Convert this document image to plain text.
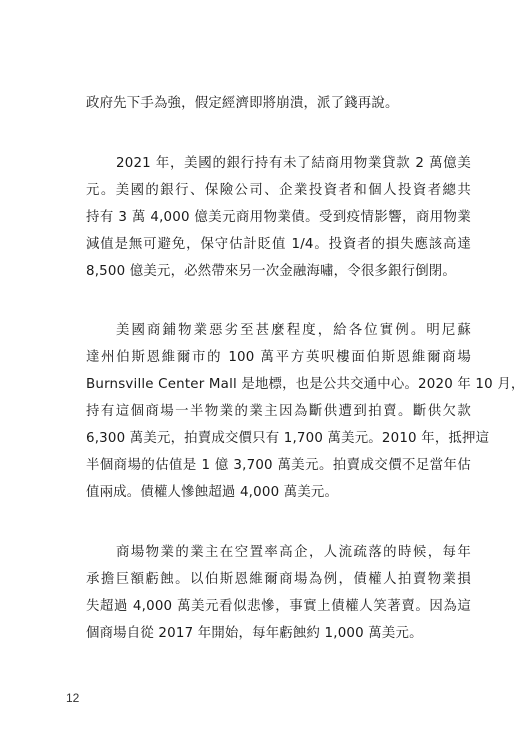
政府先下手為強，假定經濟即將崩潰，派了錢再說。
2021 年，美國的銀行持有未了結商用物業貸款 2 萬億美
元。美國的銀行、保險公司、企業投資者和個人投資者總共
持有 3 萬 4,000 億美元商用物業債。受到疫情影響，商用物業
減值是無可避免，保守估計貶值 1/4。投資者的損失應該高達
8,500 億美元，必然帶來另一次金融海嘯，令很多銀行倒閉。
美國商鋪物業惡劣至甚麼程度，給各位實例。明尼蘇
達州伯斯恩維爾市的 100 萬平方英呎樓面伯斯恩維爾商場
Burnsville Center Mall 是地標，也是公共交通中心。2020 年 10 月，
持有這個商場一半物業的業主因為斷供遭到拍賣。斷供欠款
6,300 萬美元，拍賣成交價只有 1,700 萬美元。2010 年，抵押這
半個商場的估值是 1 億 3,700 萬美元。拍賣成交價不足當年估
值兩成。債權人慘蝕超過 4,000 萬美元。
商場物業的業主在空置率高企，人流疏落的時候，每年
承擔巨額虧蝕。以伯斯恩維爾商場為例，債權人拍賣物業損
失超過 4,000 萬美元看似悲慘，事實上債權人笑著賣。因為這
個商場自從 2017 年開始，每年虧蝕約 1,000 萬美元。
12
